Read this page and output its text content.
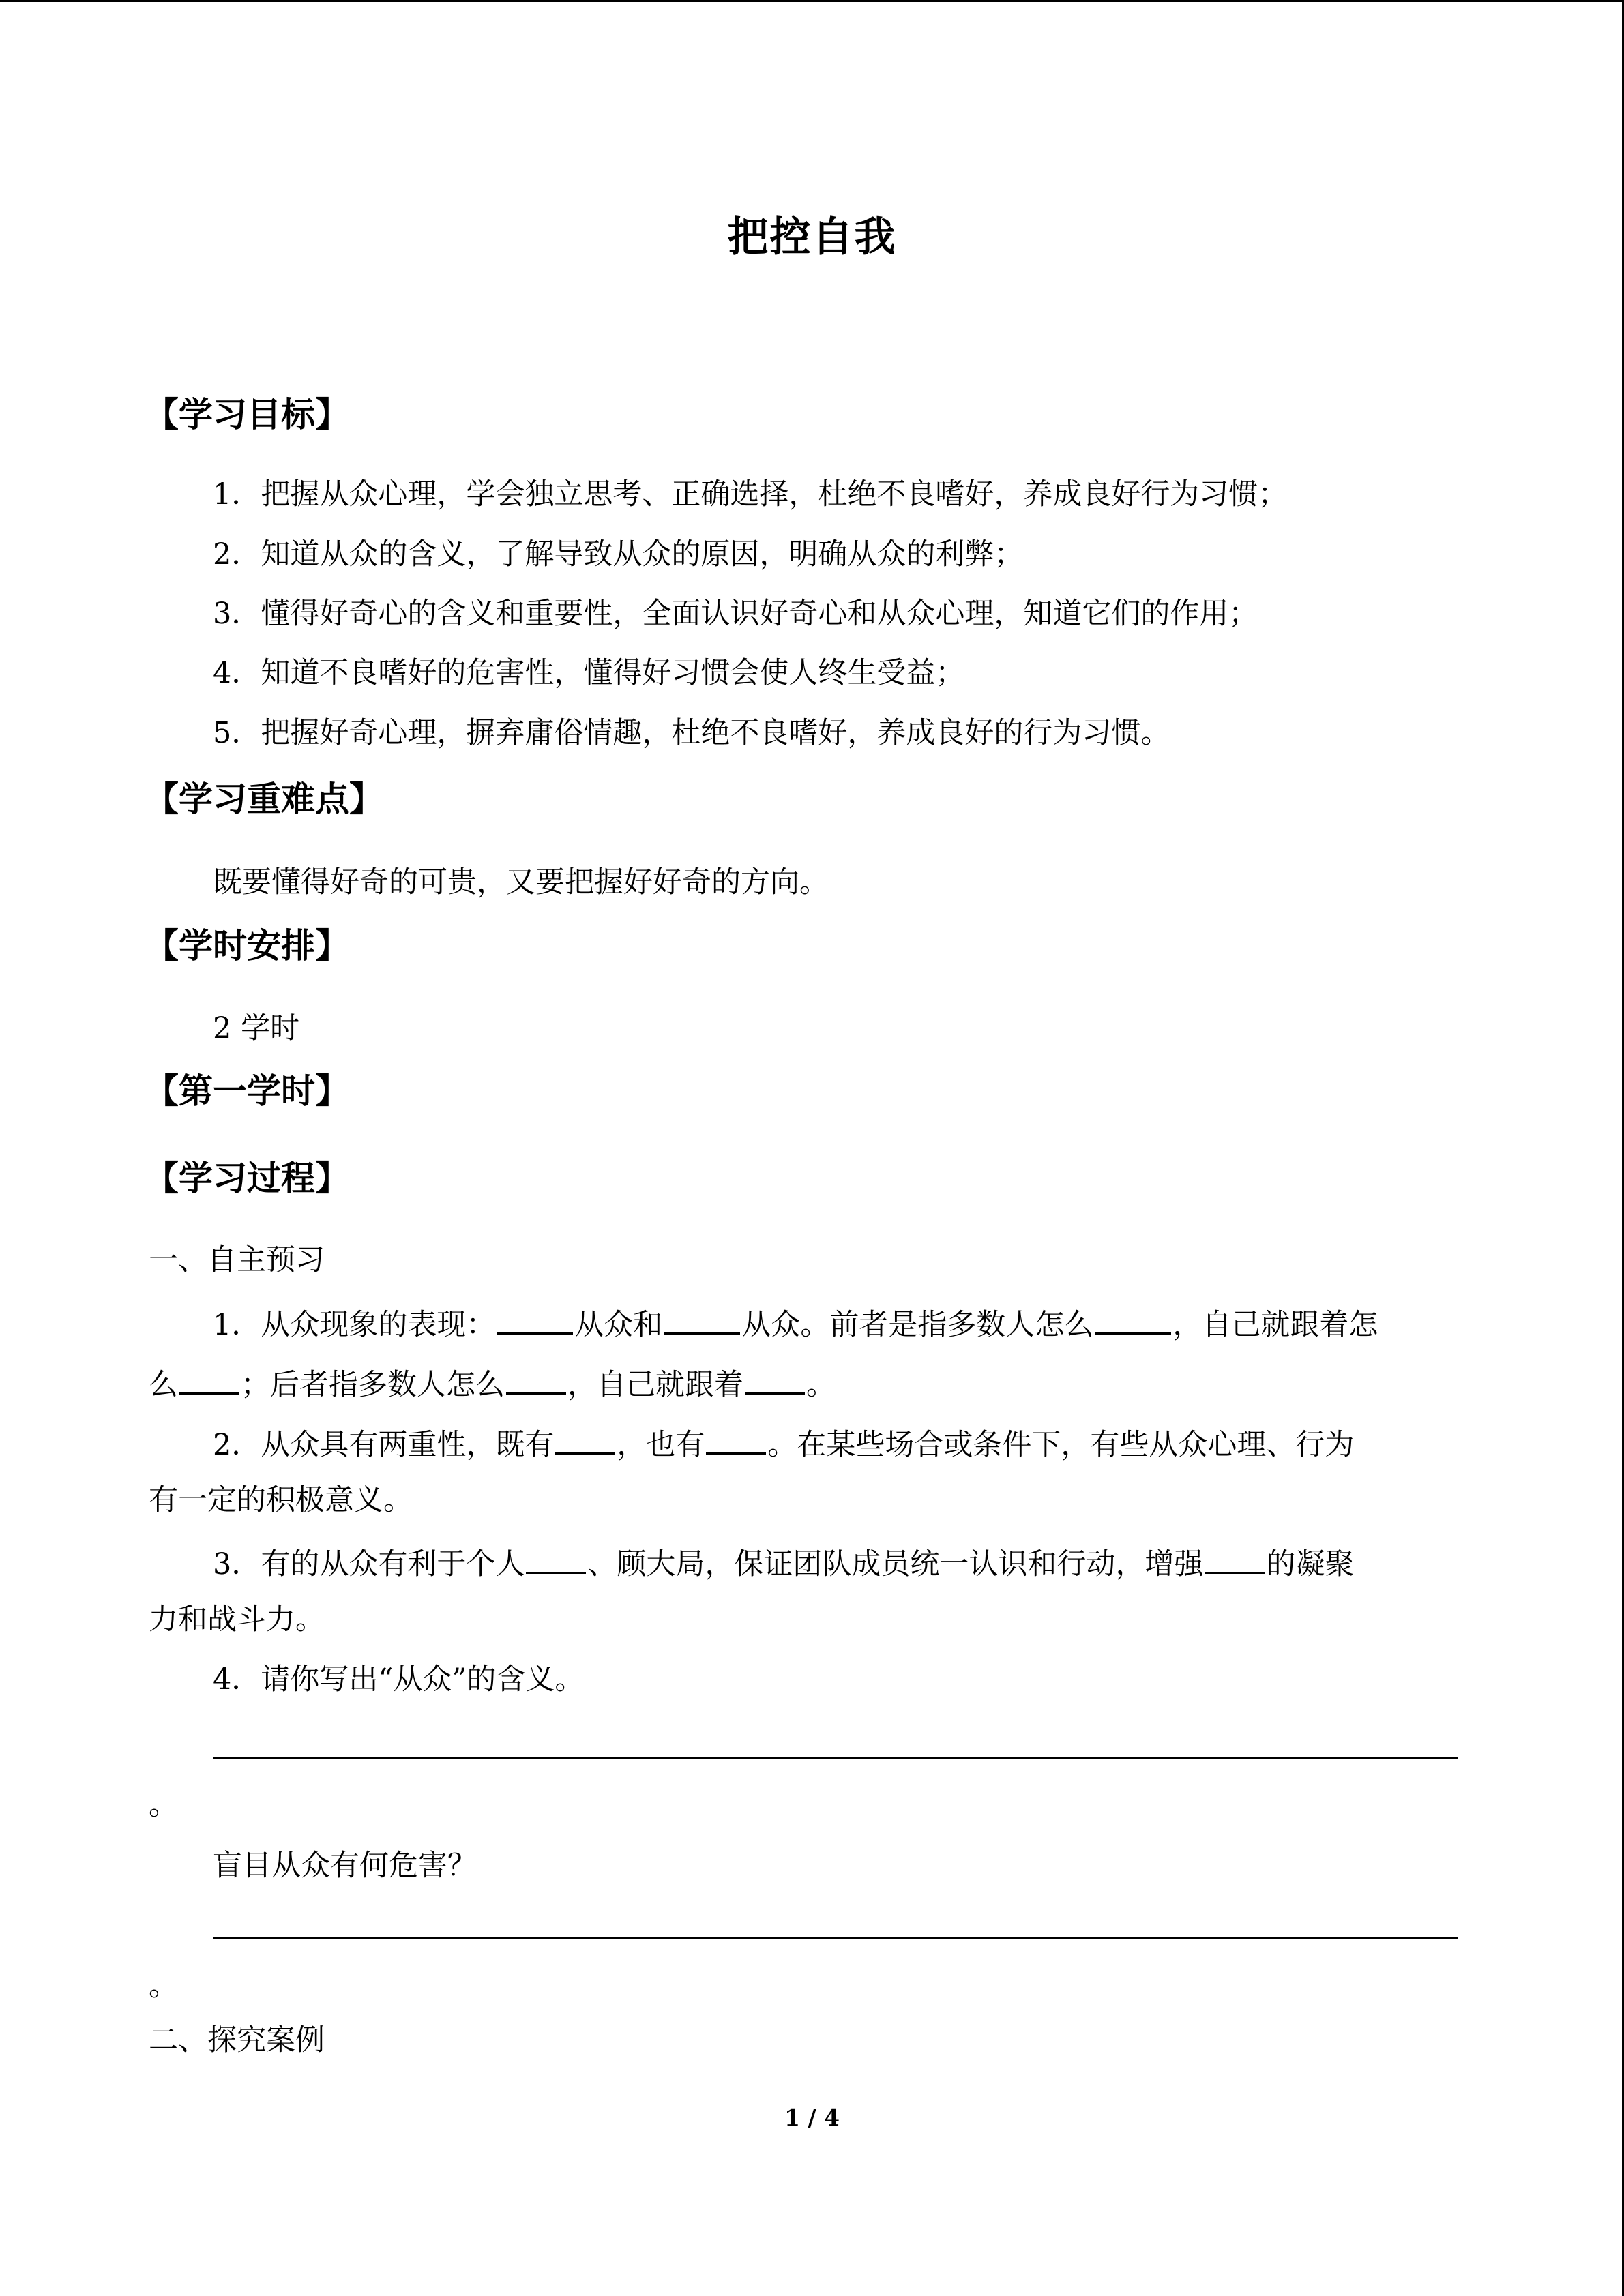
把控自我
【学习目标】
1．把握从众心理，学会独立思考、正确选择，杜绝不良嗜好，养成良好行为习惯；
2．知道从众的含义，了解导致从众的原因，明确从众的利弊；
3．懂得好奇心的含义和重要性，全面认识好奇心和从众心理，知道它们的作用；
4．知道不良嗜好的危害性，懂得好习惯会使人终生受益；
5．把握好奇心理，摒弃庸俗情趣，杜绝不良嗜好，养成良好的行为习惯。
【学习重难点】
既要懂得好奇的可贵，又要把握好好奇的方向。
【学时安排】
2 学时
【第一学时】
【学习过程】
一、自主预习
1．从众现象的表现：	从众和	从众。前者是指多数人怎么	，自己就跟着怎
么 ；后者指多数人怎么 ，自己就跟着 。
2．从众具有两重性，既有 ，也有 。在某些场合或条件下，有些从众心理、行为
有一定的积极意义。
3．有的从众有利于个人 、顾大局，保证团队成员统一认识和行动，增强 的凝聚
力和战斗力。
4．请你写出“从众”的含义。
。
盲目从众有何危害？
。
二、探究案例
1 / 4
